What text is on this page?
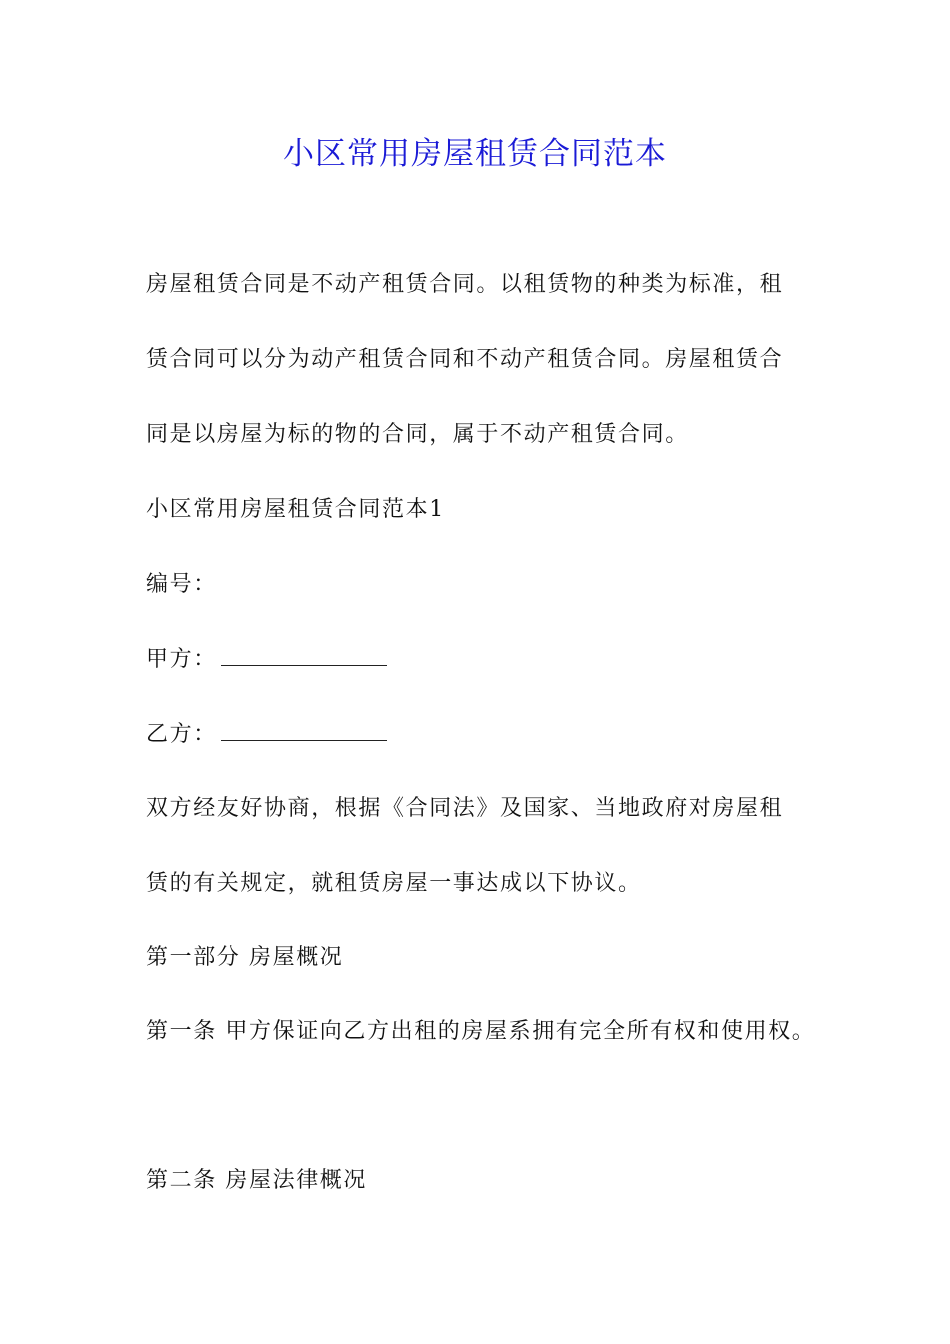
小区常用房屋租赁合同范本
房屋租赁合同是不动产租赁合同。以租赁物的种类为标准，租
赁合同可以分为动产租赁合同和不动产租赁合同。房屋租赁合
同是以房屋为标的物的合同，属于不动产租赁合同。
小区常用房屋租赁合同范本1
编号：
甲方：
乙方：
双方经友好协商，根据《合同法》及国家、当地政府对房屋租
赁的有关规定，就租赁房屋一事达成以下协议。
第一部分 房屋概况
第一条 甲方保证向乙方出租的房屋系拥有完全所有权和使用权。
第二条 房屋法律概况
